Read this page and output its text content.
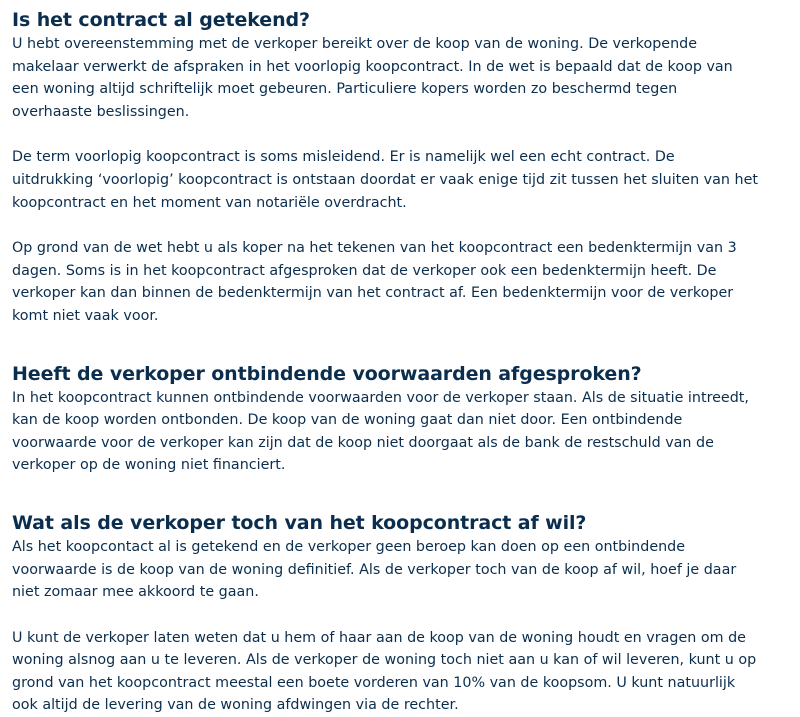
Is het contract al getekend?

U hebt overeenstemming met de verkoper bereikt over de koop van de woning. De verkopende makelaar verwerkt de afspraken in het voorlopig koopcontract. In de wet is bepaald dat de koop van een woning altijd schriftelijk moet gebeuren. Particuliere kopers worden zo beschermd tegen overhaaste beslissingen.

De term voorlopig koopcontract is soms misleidend. Er is namelijk wel een echt contract. De uitdrukking ‘voorlopig’ koopcontract is ontstaan doordat er vaak enige tijd zit tussen het sluiten van het koopcontract en het moment van notariële overdracht.

Op grond van de wet hebt u als koper na het tekenen van het koopcontract een bedenktermijn van 3 dagen. Soms is in het koopcontract afgesproken dat de verkoper ook een bedenktermijn heeft. De verkoper kan dan binnen de bedenktermijn van het contract af. Een bedenktermijn voor de verkoper komt niet vaak voor.

Heeft de verkoper ontbindende voorwaarden afgesproken?

In het koopcontract kunnen ontbindende voorwaarden voor de verkoper staan. Als de situatie intreedt, kan de koop worden ontbonden. De koop van de woning gaat dan niet door. Een ontbindende voorwaarde voor de verkoper kan zijn dat de koop niet doorgaat als de bank de restschuld van de verkoper op de woning niet financiert.

Wat als de verkoper toch van het koopcontract af wil?

Als het koopcontact al is getekend en de verkoper geen beroep kan doen op een ontbindende voorwaarde is de koop van de woning definitief. Als de verkoper toch van de koop af wil, hoef je daar niet zomaar mee akkoord te gaan.

U kunt de verkoper laten weten dat u hem of haar aan de koop van de woning houdt en vragen om de woning alsnog aan u te leveren. Als de verkoper de woning toch niet aan u kan of wil leveren, kunt u op grond van het koopcontract meestal een boete vorderen van 10% van de koopsom. U kunt natuurlijk ook altijd de levering van de woning afdwingen via de rechter.
